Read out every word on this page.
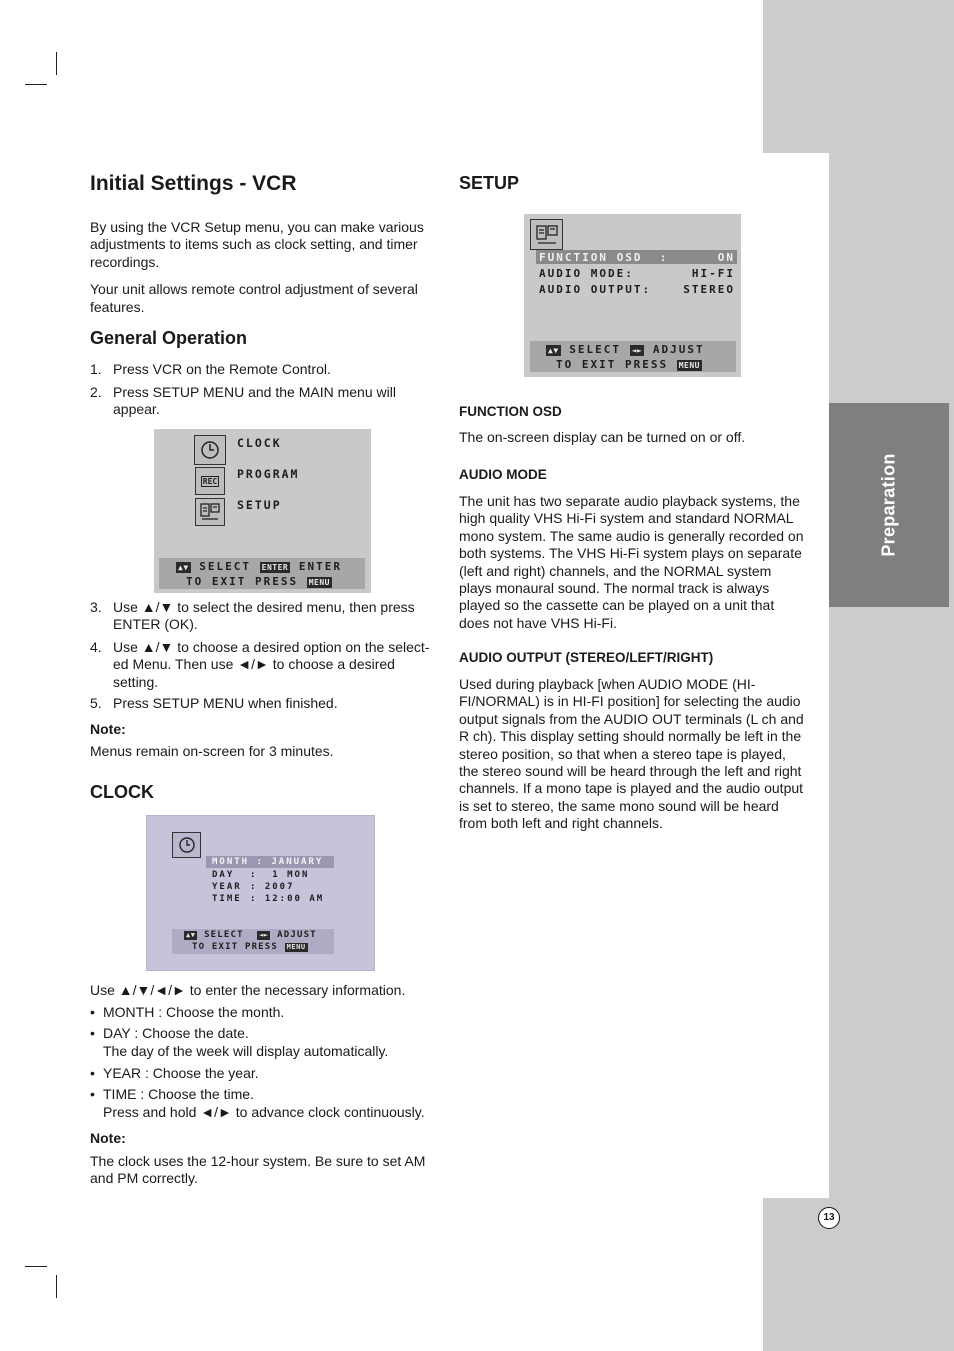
Preparation
13
Initial Settings - VCR

By using the VCR Setup menu, you can make various adjustments to items such as clock setting, and timer recordings.

Your unit allows remote control adjustment of several features.

General Operation
1. Press VCR on the Remote Control.
2. Press SETUP MENU and the MAIN menu will appear.
REC
CLOCK
PROGRAM
SETUP
▲▼ SELECT ENTER ENTER
TO EXIT PRESS MENU
3. Use ▲/▼ to select the desired menu, then press ENTER (OK).
4. Use ▲/▼ to choose a desired option on the select- ed Menu. Then use ◄/► to choose a desired setting.
5. Press SETUP MENU when finished.
Note:

Menus remain on-screen for 3 minutes.

CLOCK
MONTH : JANUARY
DAY : 1 MON
YEAR : 2007
TIME : 12:00 AM
▲▼ SELECT ◄► ADJUST
TO EXIT PRESS MENU

Use ▲/▼/◄/► to enter the necessary information.

• MONTH : Choose the month.
• DAY : Choose the date.
The day of the week will display automatically.
• YEAR : Choose the year.
• TIME : Choose the time.
Press and hold ◄/► to advance clock continuously.
Note:

The clock uses the 12-hour system. Be sure to set AM and PM correctly.

SETUP
FUNCTION OSD  :	ON
AUDIO MODE:	HI-FI
AUDIO OUTPUT:	STEREO
▲▼ SELECT ◄► ADJUST
TO EXIT PRESS MENU
FUNCTION OSD

The on-screen display can be turned on or off.

AUDIO MODE

The unit has two separate audio playback systems, the high quality VHS Hi-Fi system and standard NORMAL mono system. The same audio is generally recorded on both systems. The VHS Hi-Fi system plays on separate (left and right) channels, and the NORMAL system plays monaural sound. The normal track is always played so the cassette can be played on a unit that does not have VHS Hi-Fi.

AUDIO OUTPUT (STEREO/LEFT/RIGHT)

Used during playback [when AUDIO MODE (HI-FI/NORMAL) is in HI-FI position] for selecting the audio output signals from the AUDIO OUT terminals (L ch and R ch). This display setting should normally be left in the stereo position, so that when a stereo tape is played, the stereo sound will be heard through the left and right channels. If a mono tape is played and the audio output is set to stereo, the same mono sound will be heard from both left and right channels.
